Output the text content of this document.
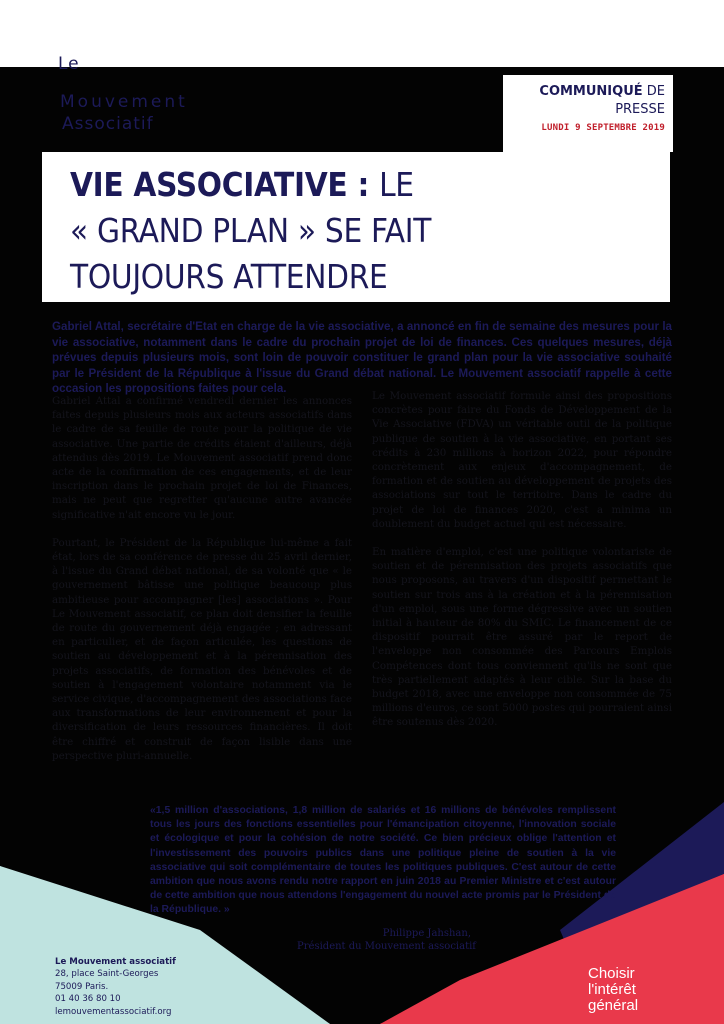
Le
Mouvement
Associatif
COMMUNIQUÉ DE
PRESSE
LUNDI 9 SEPTEMBRE 2019
VIE ASSOCIATIVE : LE
« GRAND PLAN » SE FAIT
TOUJOURS ATTENDRE
Gabriel Attal, secrétaire d'Etat en charge de la vie associative, a annoncé en fin de semaine des mesures pour la vie associative, notamment dans le cadre du prochain projet de loi de finances. Ces quelques mesures, déjà prévues depuis plusieurs mois, sont loin de pouvoir constituer le grand plan pour la vie associative souhaité par le Président de la République à l'issue du Grand débat national. Le Mouvement associatif rappelle à cette occasion les propositions faites pour cela.

Gabriel Attal a confirmé vendredi dernier les annonces faites depuis plusieurs mois aux acteurs associatifs dans le cadre de sa feuille de route pour la politique de vie associative. Une partie de crédits étaient d'ailleurs, déjà attendus dès 2019. Le Mouvement associatif prend donc acte de la confirmation de ces engagements, et de leur inscription dans le prochain projet de loi de Finances, mais ne peut que regretter qu'aucune autre avancée significative n'ait encore vu le jour.

Pourtant, le Président de la République lui-même a fait état, lors de sa conférence de presse du 25 avril dernier, à l'issue du Grand débat national, de sa volonté que « le gouvernement bâtisse une politique beaucoup plus ambitieuse pour accompagner [les] associations ». Pour Le Mouvement associatif, ce plan doit densifier la feuille de route du gouvernement déjà engagée ; en adressant en particulier, et de façon articulée, les questions de soutien au développement et à la pérennisation des projets associatifs, de formation des bénévoles et de soutien à l'engagement volontaire notamment via le service civique, d'accompagnement des associations face aux transformations de leur environnement et pour la diversification de leurs ressources financières. Il doit être chiffré et construit de façon lisible dans une perspective pluri-annuelle.

Le Mouvement associatif formule ainsi des propositions concrètes pour faire du Fonds de Développement de la Vie Associative (FDVA) un véritable outil de la politique publique de soutien à la vie associative, en portant ses crédits à 230 millions à horizon 2022, pour répondre concrètement aux enjeux d'accompagnement, de formation et de soutien au développement de projets des associations sur tout le territoire. Dans le cadre du projet de loi de finances 2020, c'est a minima un doublement du budget actuel qui est nécessaire.

En matière d'emploi, c'est une politique volontariste de soutien et de pérennisation des projets associatifs que nous proposons, au travers d'un dispositif permettant le soutien sur trois ans à la création et à la pérennisation d'un emploi, sous une forme dégressive avec un soutien initial à hauteur de 80% du SMIC. Le financement de ce dispositif pourrait être assuré par le report de l'enveloppe non consommée des Parcours Emplois Compétences dont tous conviennent qu'ils ne sont que très partiellement adaptés à leur cible. Sur la base du budget 2018, avec une enveloppe non consommée de 75 millions d'euros, ce sont 5000 postes qui pourraient ainsi être soutenus dès 2020.

«1,5 million d'associations, 1,8 million de salariés et 16 millions de bénévoles remplissent tous les jours des fonctions essentielles pour l'émancipation citoyenne, l'innovation sociale et écologique et pour la cohésion de notre société. Ce bien précieux oblige l'attention et l'investissement des pouvoirs publics dans une politique pleine de soutien à la vie associative qui soit complémentaire de toutes les politiques publiques. C'est autour de cette ambition que nous avons rendu notre rapport en juin 2018 au Premier Ministre et c'est autour de cette ambition que nous attendons l'engagement du nouvel acte promis par le Président de la République. »
Philippe Jahshan,
Président du Mouvement associatif
Le Mouvement associatif
28, place Saint-Georges
75009 Paris.
01 40 36 80 10
lemouvementassociatif.org
Choisir
l'intérêt
général
